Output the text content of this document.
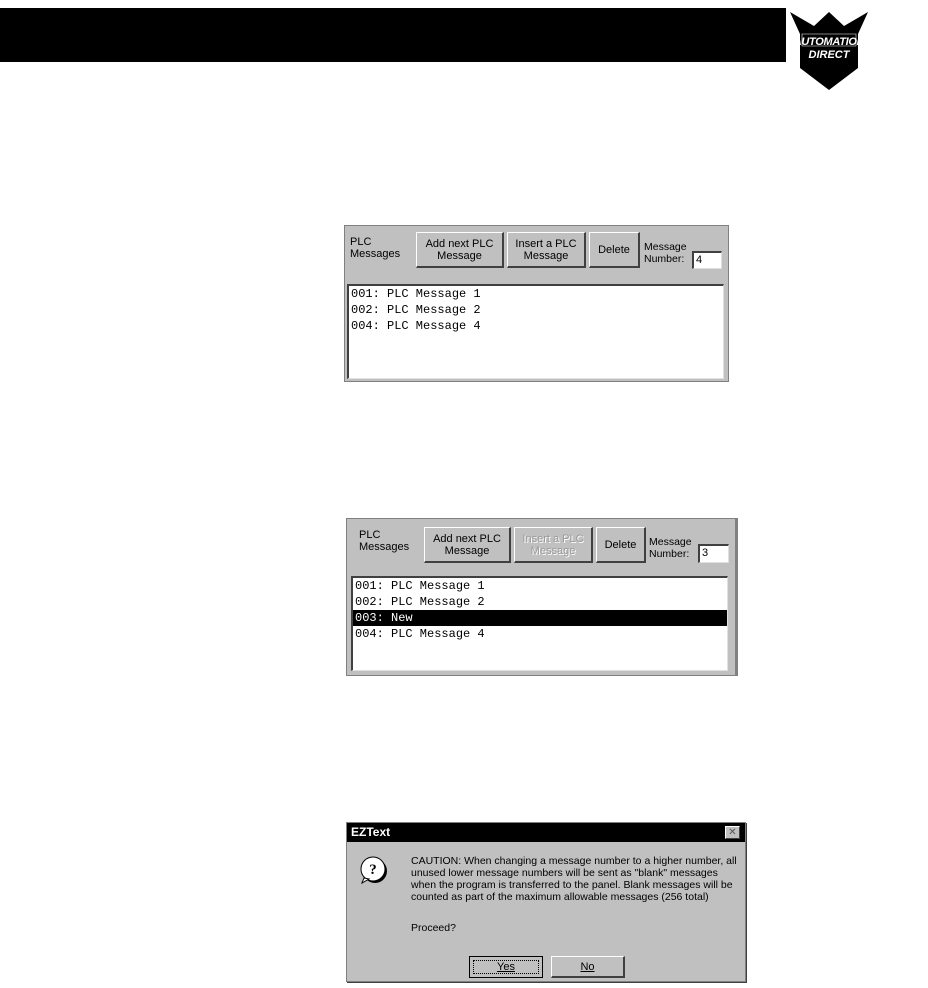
AUTOMATION
DIRECT	.com
PLC
Messages
Add next PLC
Message
Insert a PLC
Message	Delete Message
Number:	4
001: PLC Message 1
002: PLC Message 2
004: PLC Message 4
PLC
Messages
Add next PLC
Message
Insert a PLC
Message	Delete Message
Number:	3
001: PLC Message 1
002: PLC Message 2
003: New
004: PLC Message 4
EZText	✕
?
CAUTION: When changing a message number to a higher number, all unused lower message numbers will be sent as "blank" messages when the program is transferred to the panel. Blank messages will be counted as part of the maximum allowable messages (256 total)
Proceed?
Yes	No
